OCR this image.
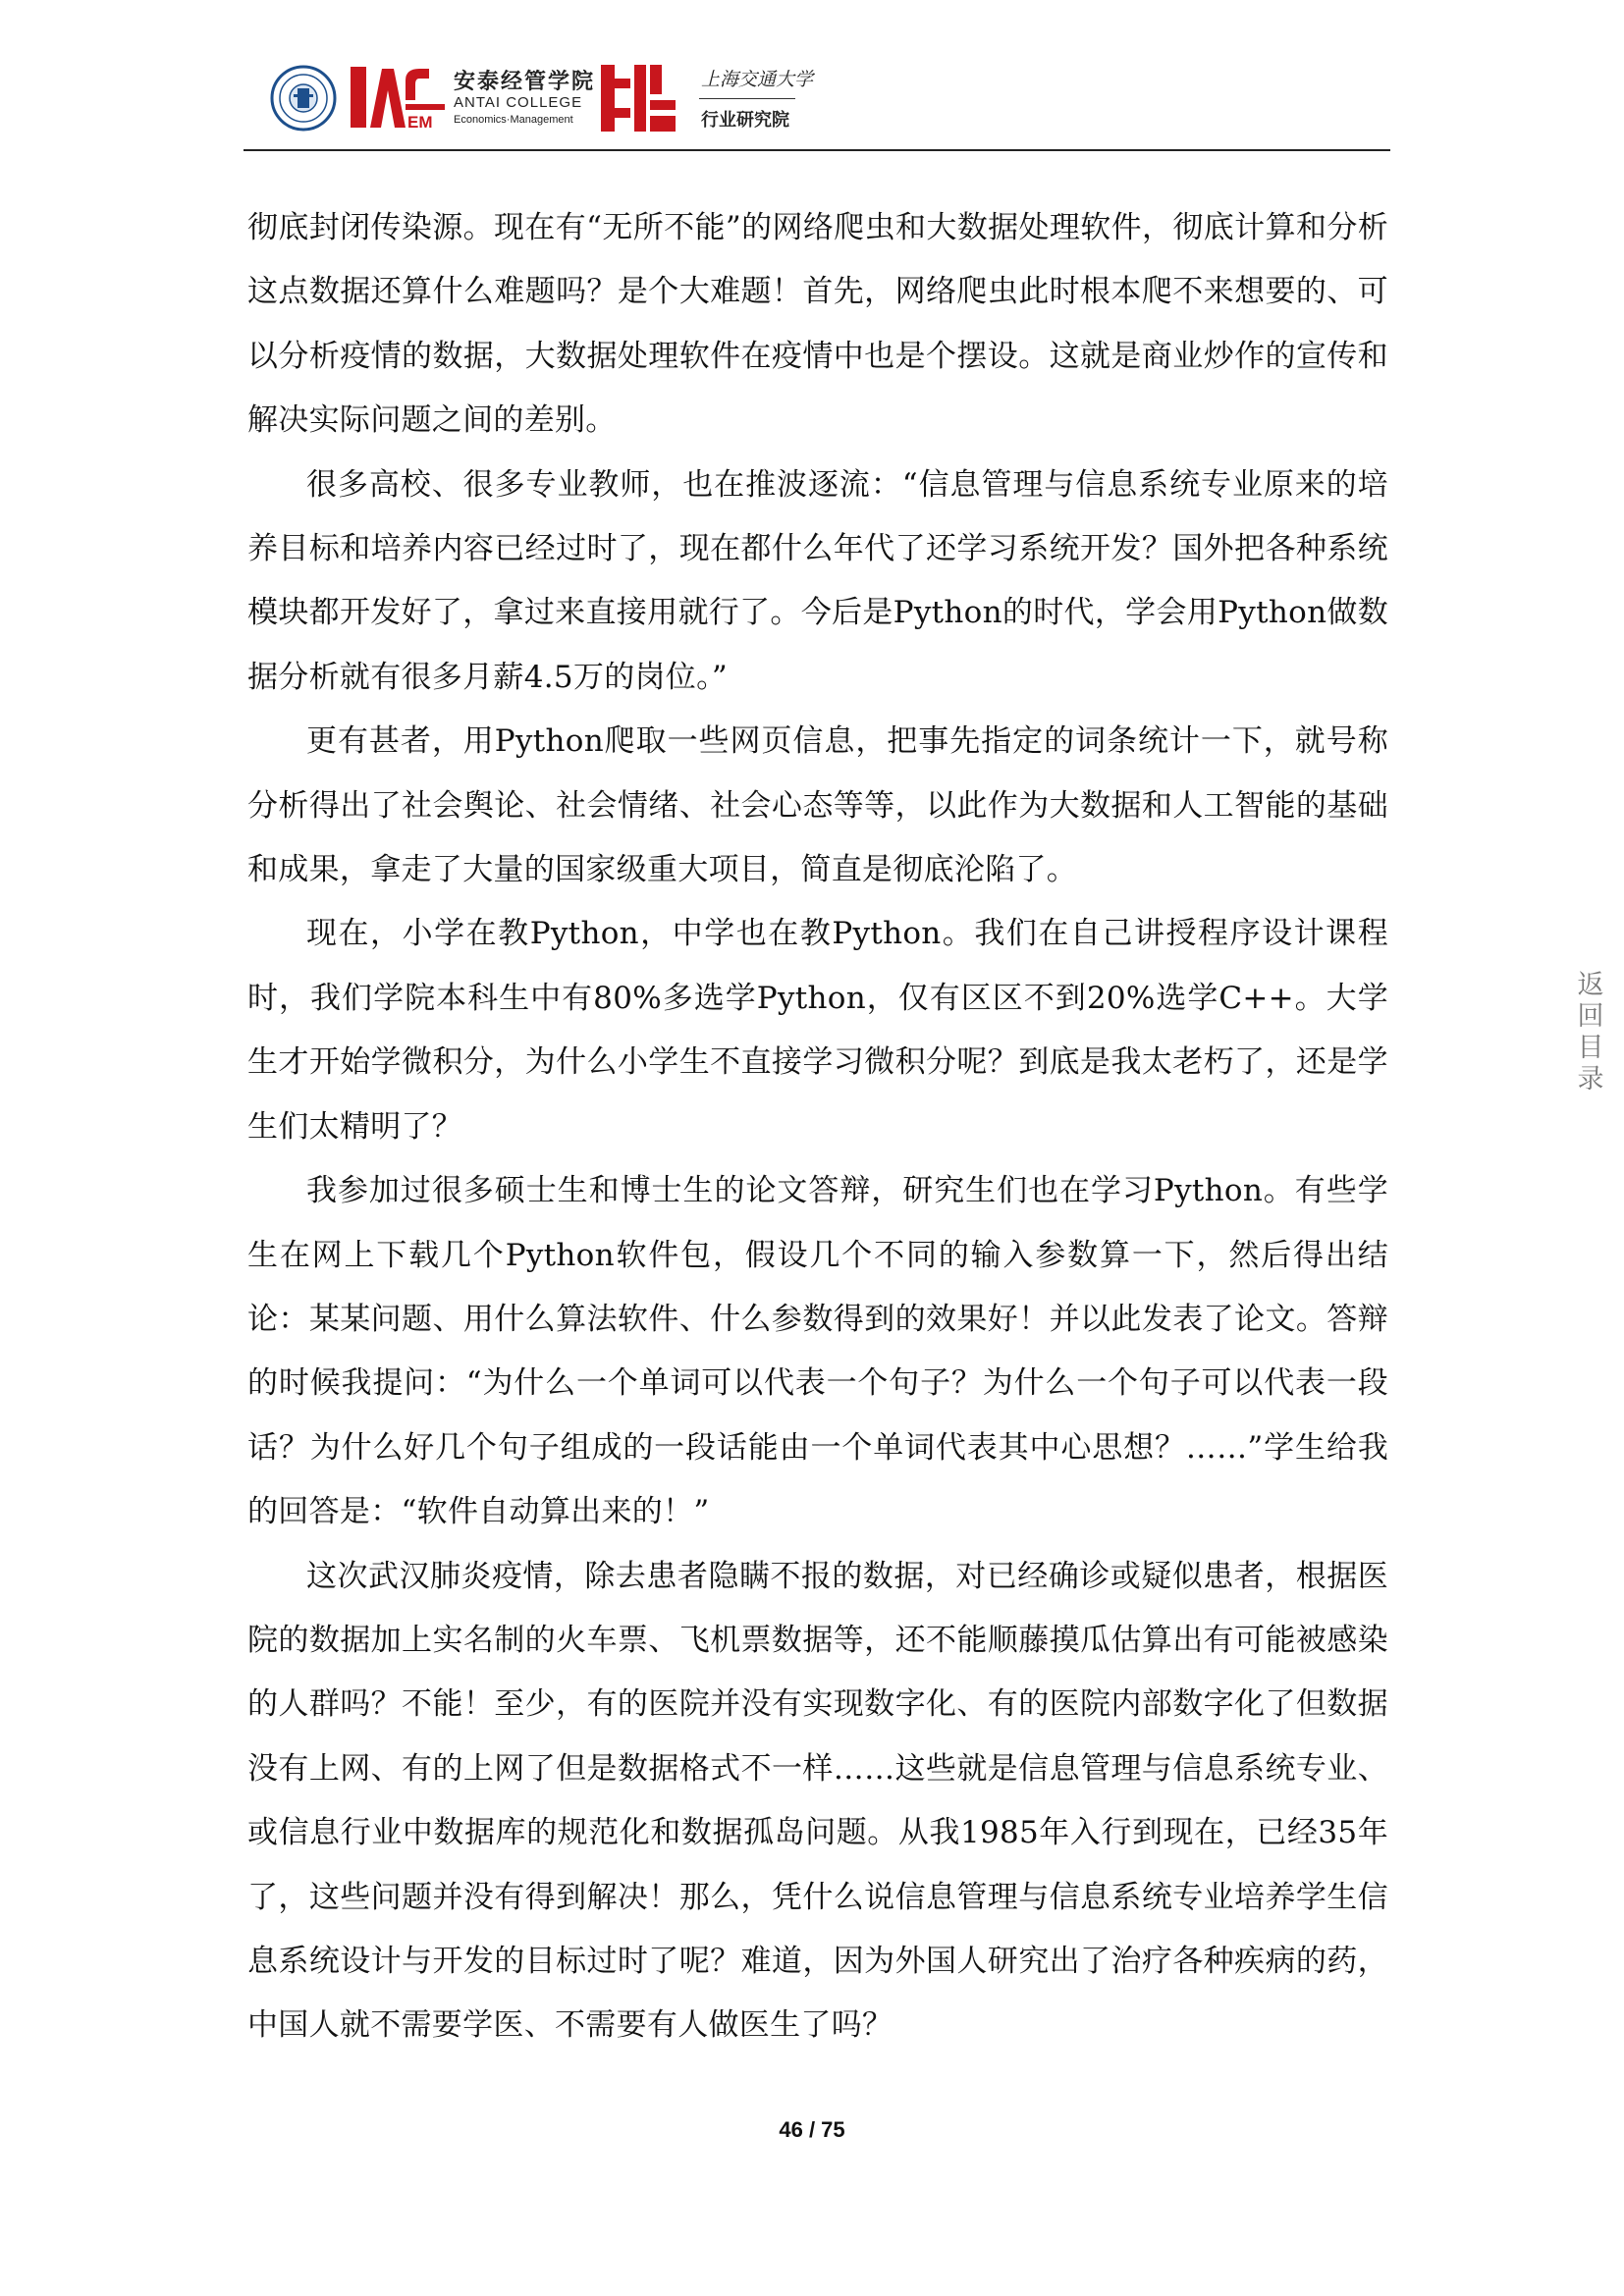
EM
安泰经管学院
ANTAI COLLEGE
Economics·Management
上海交通大学
行业研究院

彻底封闭传染源。现在有“无所不能”的网络爬虫和大数据处理软件，彻底计算和分析这点数据还算什么难题吗？是个大难题！首先，网络爬虫此时根本爬不来想要的、可以分析疫情的数据，大数据处理软件在疫情中也是个摆设。这就是商业炒作的宣传和解决实际问题之间的差别。

很多高校、很多专业教师，也在推波逐流：“信息管理与信息系统专业原来的培养目标和培养内容已经过时了，现在都什么年代了还学习系统开发？国外把各种系统模块都开发好了，拿过来直接用就行了。今后是Python的时代，学会用Python做数据分析就有很多月薪4.5万的岗位。”

更有甚者，用Python爬取一些网页信息，把事先指定的词条统计一下，就号称分析得出了社会舆论、社会情绪、社会心态等等，以此作为大数据和人工智能的基础和成果，拿走了大量的国家级重大项目，简直是彻底沦陷了。

现在，小学在教Python，中学也在教Python。我们在自己讲授程序设计课程时，我们学院本科生中有80%多选学Python，仅有区区不到20%选学C++。大学生才开始学微积分，为什么小学生不直接学习微积分呢？到底是我太老朽了，还是学生们太精明了？

我参加过很多硕士生和博士生的论文答辩，研究生们也在学习Python。有些学生在网上下载几个Python软件包，假设几个不同的输入参数算一下，然后得出结论：某某问题、用什么算法软件、什么参数得到的效果好！并以此发表了论文。答辩的时候我提问：“为什么一个单词可以代表一个句子？为什么一个句子可以代表一段话？为什么好几个句子组成的一段话能由一个单词代表其中心思想？……”学生给我的回答是：“软件自动算出来的！”

这次武汉肺炎疫情，除去患者隐瞒不报的数据，对已经确诊或疑似患者，根据医院的数据加上实名制的火车票、飞机票数据等，还不能顺藤摸瓜估算出有可能被感染的人群吗？不能！至少，有的医院并没有实现数字化、有的医院内部数字化了但数据没有上网、有的上网了但是数据格式不一样……这些就是信息管理与信息系统专业、或信息行业中数据库的规范化和数据孤岛问题。从我1985年入行到现在，已经35年了，这些问题并没有得到解决！那么，凭什么说信息管理与信息系统专业培养学生信息系统设计与开发的目标过时了呢？难道，因为外国人研究出了治疗各种疾病的药，中国人就不需要学医、不需要有人做医生了吗？

返
回
目
录
46 / 75
